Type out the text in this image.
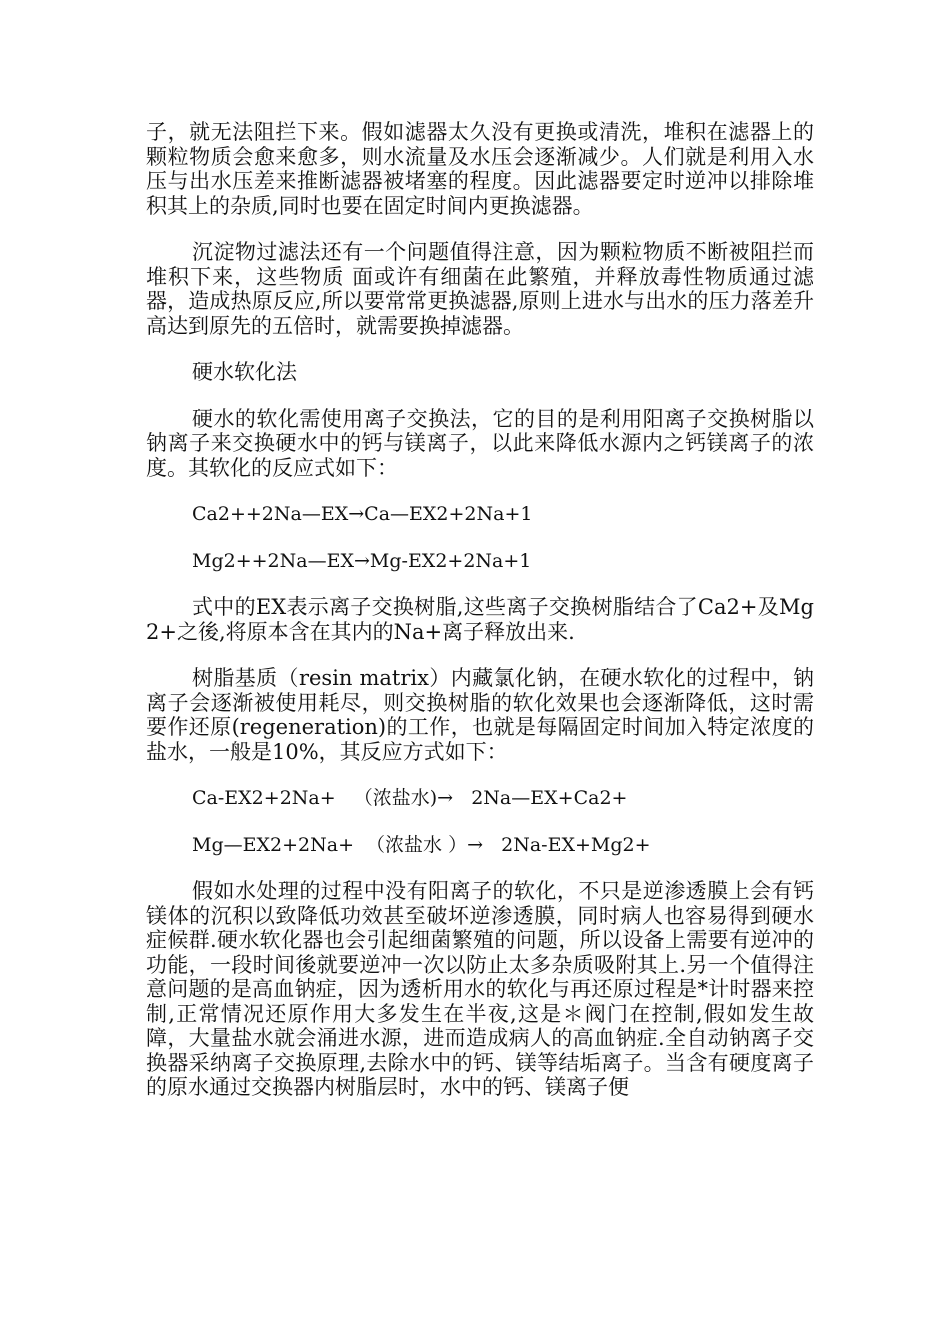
子，就无法阻拦下来。假如滤器太久没有更换或清洗，堆积在滤器上的颗粒物质会愈来愈多，则水流量及水压会逐渐减少。人们就是利用入水压与出水压差来推断滤器被堵塞的程度。因此滤器要定时逆冲以排除堆积其上的杂质,同时也要在固定时间内更换滤器。

沉淀物过滤法还有一个问题值得注意，因为颗粒物质不断被阻拦而堆积下来，这些物质 面或许有细菌在此繁殖，并释放毒性物质通过滤器，造成热原反应,所以要常常更换滤器,原则上进水与出水的压力落差升高达到原先的五倍时，就需要换掉滤器。

硬水软化法

硬水的软化需使用离子交换法，它的目的是利用阳离子交换树脂以钠离子来交换硬水中的钙与镁离子，以此来降低水源内之钙镁离子的浓度。其软化的反应式如下：

Ca2++2Na—EX→Ca—EX2+2Na+1

Mg2++2Na—EX→Mg-EX2+2Na+1

式中的EX表示离子交换树脂,这些离子交换树脂结合了Ca2+及Mg2+之後,将原本含在其内的Na+离子释放出来.

树脂基质（resin matrix）内藏氯化钠，在硬水软化的过程中，钠离子会逐渐被使用耗尽，则交换树脂的软化效果也会逐渐降低，这时需要作还原(regeneration)的工作，也就是每隔固定时间加入特定浓度的盐水，一般是10%，其反应方式如下：

Ca-EX2+2Na+   （浓盐水)→   2Na—EX+Ca2+

Mg—EX2+2Na+  （浓盐水 ）→   2Na-EX+Mg2+

假如水处理的过程中没有阳离子的软化，不只是逆渗透膜上会有钙镁体的沉积以致降低功效甚至破坏逆渗透膜，同时病人也容易得到硬水症候群.硬水软化器也会引起细菌繁殖的问题，所以设备上需要有逆冲的功能，一段时间後就要逆冲一次以防止太多杂质吸附其上.另一个值得注意问题的是高血钠症，因为透析用水的软化与再还原过程是*计时器来控制,正常情况还原作用大多发生在半夜,这是＊阀门在控制,假如发生故障，大量盐水就会涌进水源，进而造成病人的高血钠症.全自动钠离子交换器采纳离子交换原理,去除水中的钙、镁等结垢离子。当含有硬度离子的原水通过交换器内树脂层时，水中的钙、镁离子便
